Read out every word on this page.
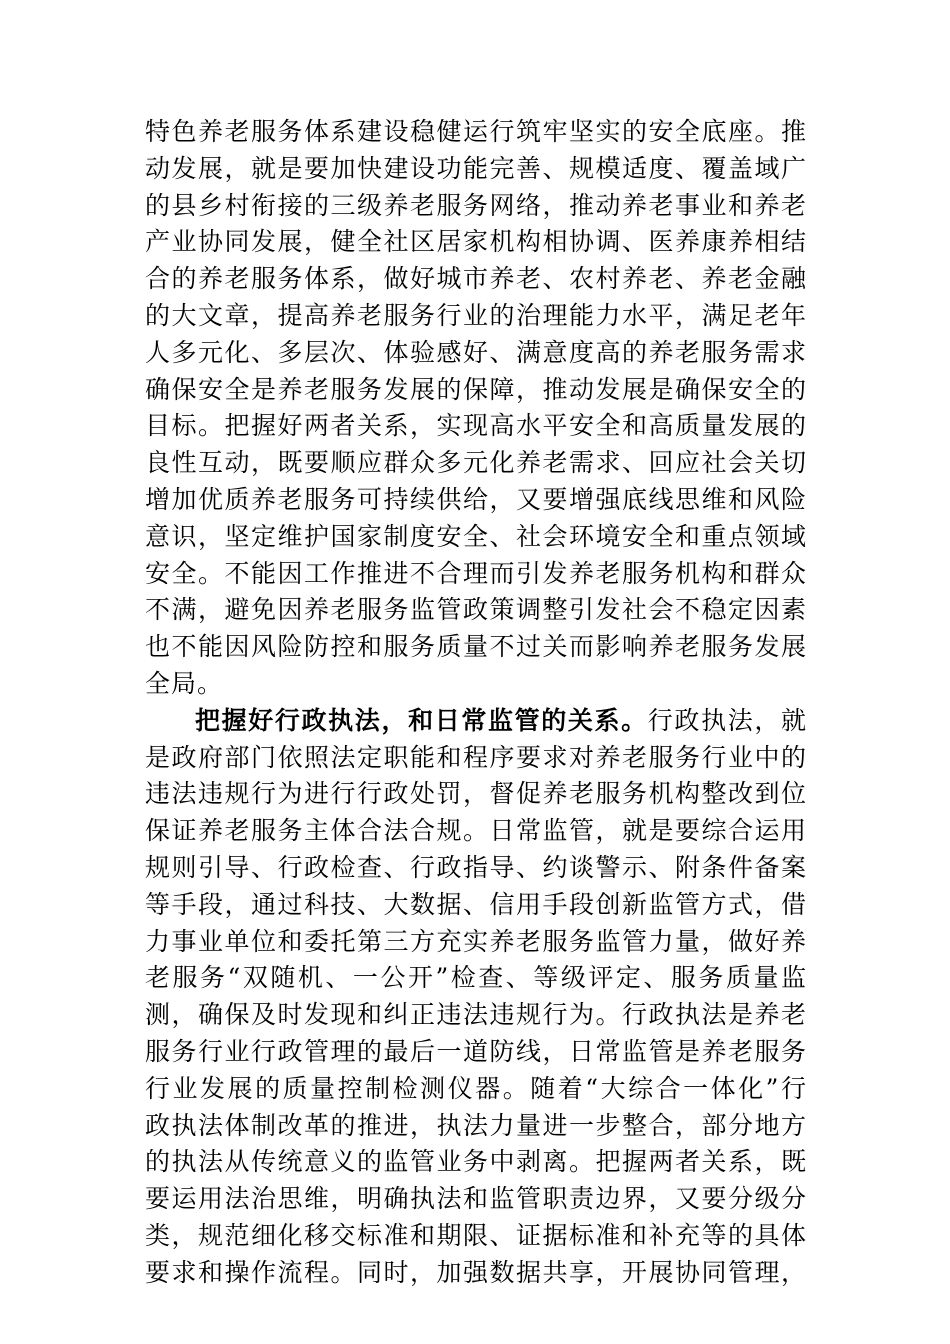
特色养老服务体系建设稳健运行筑牢坚实的安全底座。推
动发展，就是要加快建设功能完善、规模适度、覆盖域广
的县乡村衔接的三级养老服务网络，推动养老事业和养老
产业协同发展，健全社区居家机构相协调、医养康养相结
合的养老服务体系，做好城市养老、农村养老、养老金融
的大文章，提高养老服务行业的治理能力水平，满足老年
人多元化、多层次、体验感好、满意度高的养老服务需求
确保安全是养老服务发展的保障，推动发展是确保安全的
目标。把握好两者关系，实现高水平安全和高质量发展的
良性互动，既要顺应群众多元化养老需求、回应社会关切
增加优质养老服务可持续供给，又要增强底线思维和风险
意识，坚定维护国家制度安全、社会环境安全和重点领域
安全。不能因工作推进不合理而引发养老服务机构和群众
不满，避免因养老服务监管政策调整引发社会不稳定因素
也不能因风险防控和服务质量不过关而影响养老服务发展
全局。
把握好行政执法，和日常监管的关系。行政执法，就
是政府部门依照法定职能和程序要求对养老服务行业中的
违法违规行为进行行政处罚，督促养老服务机构整改到位
保证养老服务主体合法合规。日常监管，就是要综合运用
规则引导、行政检查、行政指导、约谈警示、附条件备案
等手段，通过科技、大数据、信用手段创新监管方式，借
力事业单位和委托第三方充实养老服务监管力量，做好养
老服务“双随机、一公开”检查、等级评定、服务质量监
测，确保及时发现和纠正违法违规行为。行政执法是养老
服务行业行政管理的最后一道防线，日常监管是养老服务
行业发展的质量控制检测仪器。随着“大综合一体化”行
政执法体制改革的推进，执法力量进一步整合，部分地方
的执法从传统意义的监管业务中剥离。把握两者关系，既
要运用法治思维，明确执法和监管职责边界，又要分级分
类，规范细化移交标准和期限、证据标准和补充等的具体
要求和操作流程。同时，加强数据共享，开展协同管理，
